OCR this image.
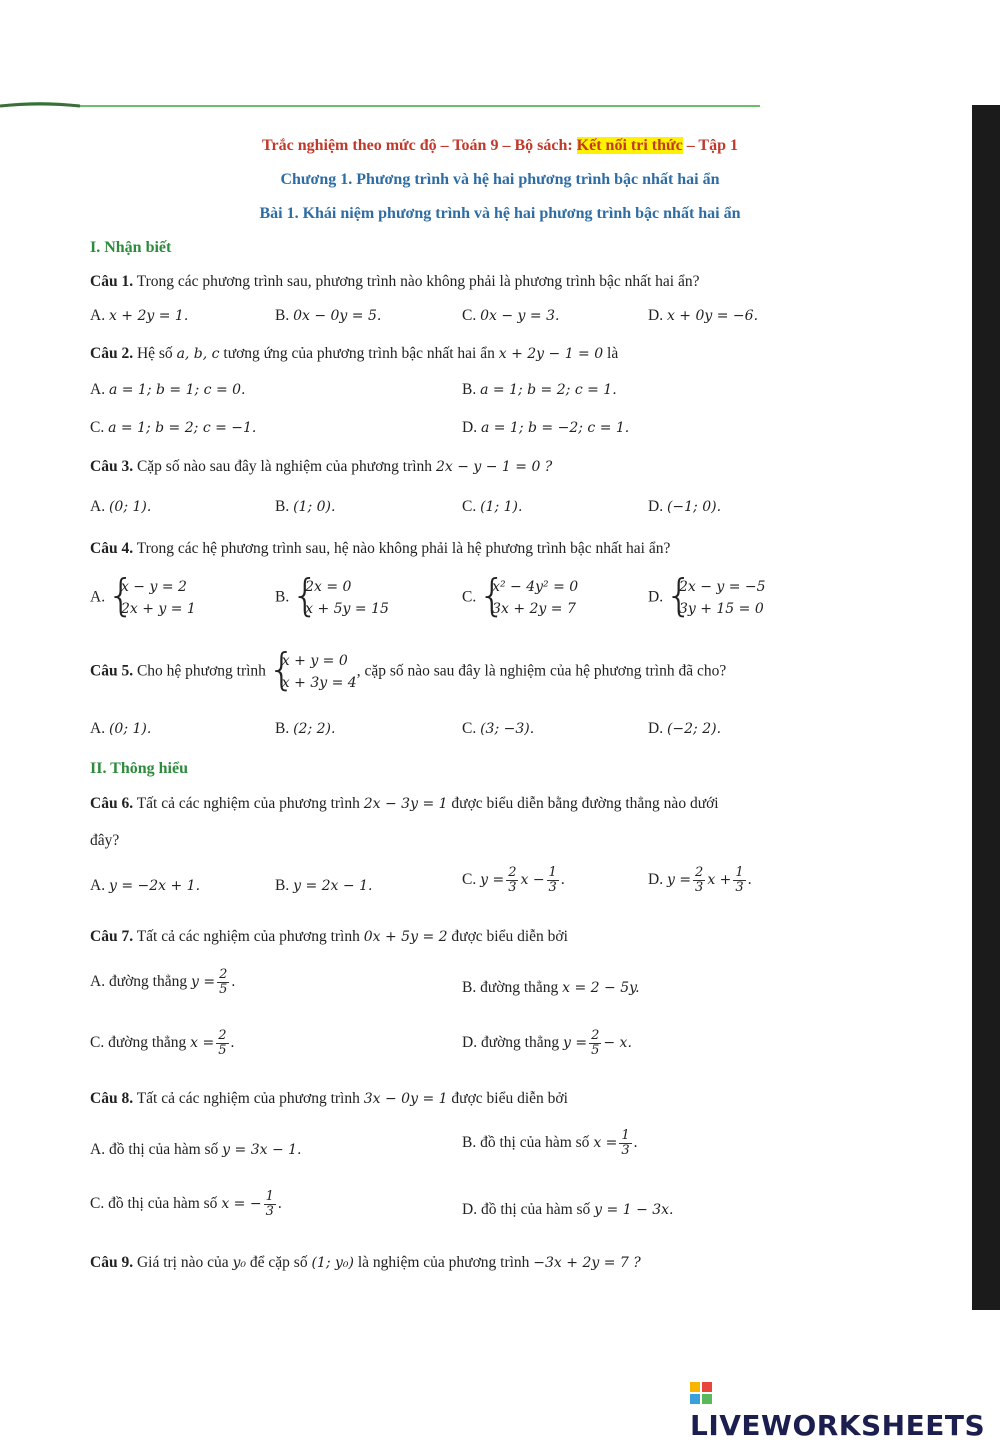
Trắc nghiệm theo mức độ – Toán 9 – Bộ sách: Kết nối tri thức – Tập 1
Chương 1. Phương trình và hệ hai phương trình bậc nhất hai ẩn
Bài 1. Khái niệm phương trình và hệ hai phương trình bậc nhất hai ẩn
I. Nhận biết
Câu 1. Trong các phương trình sau, phương trình nào không phải là phương trình bậc nhất hai ẩn?
A. x + 2y = 1.	B. 0x − 0y = 5.	C. 0x − y = 3.	D. x + 0y = −6.
Câu 2. Hệ số a, b, c tương ứng của phương trình bậc nhất hai ẩn x + 2y − 1 = 0 là
A. a = 1; b = 1; c = 0.	B. a = 1; b = 2; c = 1.
C. a = 1; b = 2; c = −1.	D. a = 1; b = −2; c = 1.
Câu 3. Cặp số nào sau đây là nghiệm của phương trình 2x − y − 1 = 0 ?
A. (0; 1).	B. (1; 0).	C. (1; 1).	D. (−1; 0).
Câu 4. Trong các hệ phương trình sau, hệ nào không phải là hệ phương trình bậc nhất hai ẩn?
A.
{ x − y = 2
2x + y = 1
B.
{ 2x = 0
x + 5y = 15
C.
{ x² − 4y² = 0
3x + 2y = 7
D.
{ 2x − y = −5
3y + 15 = 0
Câu 5. Cho hệ phương trình
{ x + y = 0
x + 3y = 4
, cặp số nào sau đây là nghiệm của hệ phương trình đã cho?
A. (0; 1).	B. (2; 2).	C. (3; −3).	D. (−2; 2).
II. Thông hiểu
Câu 6. Tất cả các nghiệm của phương trình 2x − 3y = 1 được biểu diễn bằng đường thẳng nào dưới
đây?
A. y = −2x + 1.	B. y = 2x − 1.	C. $y = \frac{2}{3}$ $x - \frac{1}{3}$ .	D. $y = \frac{2}{3}$ $x + \frac{1}{3}$ .
Câu 7. Tất cả các nghiệm của phương trình 0x + 5y = 2 được biểu diễn bởi
A. đường thẳng $y = \frac{2}{5}$ .	B. đường thẳng x = 2 − 5y.
C. đường thẳng $x = \frac{2}{5}$ .	D. đường thẳng $y = \frac{2}{5} - x$.
Câu 8. Tất cả các nghiệm của phương trình 3x − 0y = 1 được biểu diễn bởi
A. đồ thị của hàm số y = 3x − 1.	B. đồ thị của hàm số $x = \frac{1}{3}$ .
C. đồ thị của hàm số x = − $\frac{1}{3}$ .	D. đồ thị của hàm số y = 1 − 3x.
Câu 9. Giá trị nào của y₀ để cặp số (1; y₀) là nghiệm của phương trình −3x + 2y = 7 ?
LIVEWORKSHEETS
